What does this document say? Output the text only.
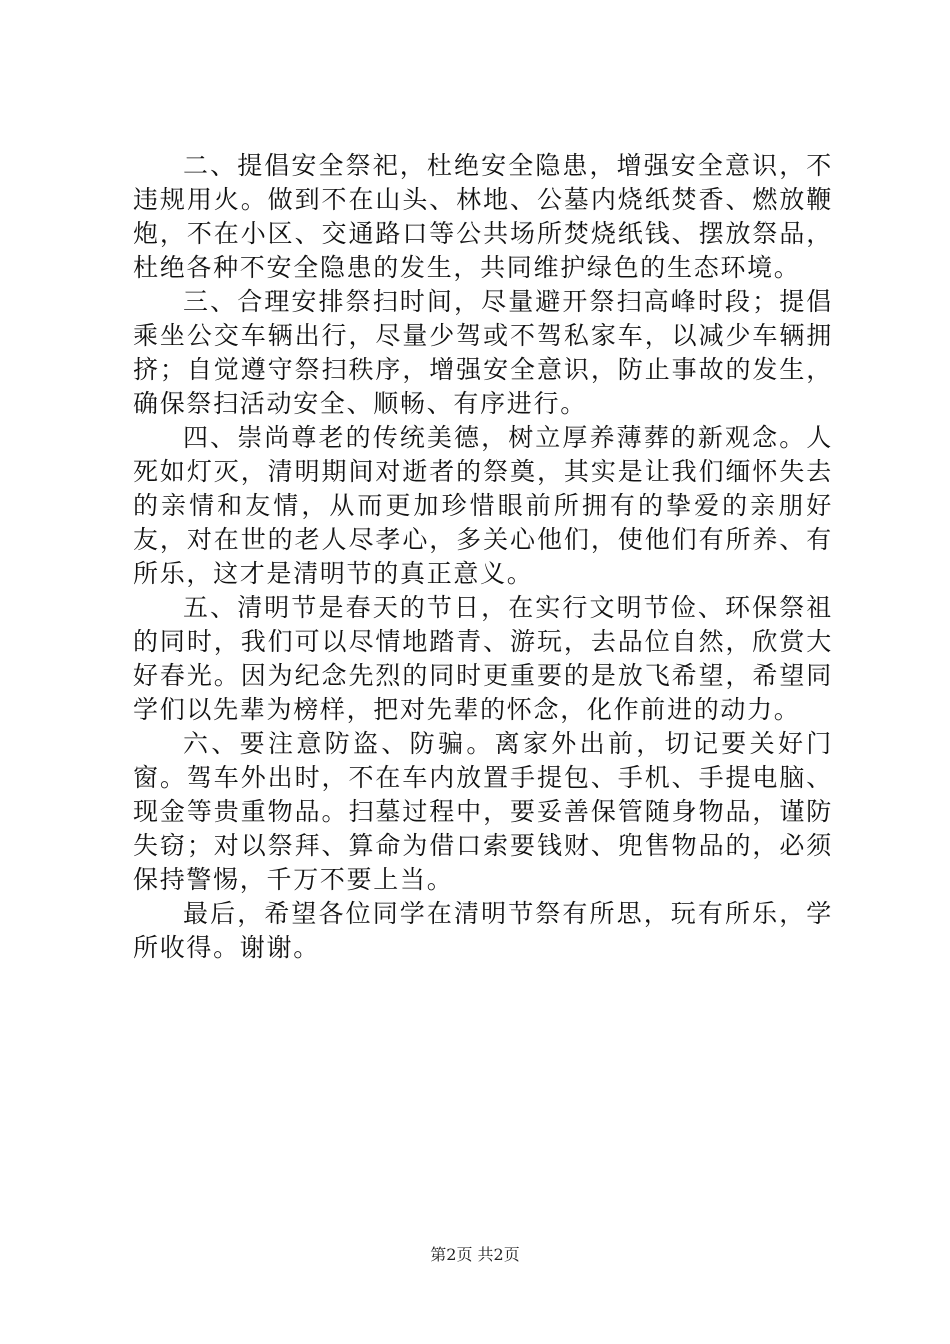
二、提倡安全祭祀，杜绝安全隐患，增强安全意识，不违规用火。做到不在山头、林地、公墓内烧纸焚香、燃放鞭炮，不在小区、交通路口等公共场所焚烧纸钱、摆放祭品，杜绝各种不安全隐患的发生，共同维护绿色的生态环境。

三、合理安排祭扫时间，尽量避开祭扫高峰时段；提倡乘坐公交车辆出行，尽量少驾或不驾私家车，以减少车辆拥挤；自觉遵守祭扫秩序，增强安全意识，防止事故的发生，确保祭扫活动安全、顺畅、有序进行。

四、崇尚尊老的传统美德，树立厚养薄葬的新观念。人死如灯灭，清明期间对逝者的祭奠，其实是让我们缅怀失去的亲情和友情，从而更加珍惜眼前所拥有的挚爱的亲朋好友，对在世的老人尽孝心，多关心他们，使他们有所养、有所乐，这才是清明节的真正意义。

五、清明节是春天的节日，在实行文明节俭、环保祭祖的同时，我们可以尽情地踏青、游玩，去品位自然，欣赏大好春光。因为纪念先烈的同时更重要的是放飞希望，希望同学们以先辈为榜样，把对先辈的怀念，化作前进的动力。

六、要注意防盗、防骗。离家外出前，切记要关好门窗。驾车外出时，不在车内放置手提包、手机、手提电脑、现金等贵重物品。扫墓过程中，要妥善保管随身物品，谨防失窃；对以祭拜、算命为借口索要钱财、兜售物品的，必须保持警惕，千万不要上当。

最后，希望各位同学在清明节祭有所思，玩有所乐，学所收得。谢谢。

第2页 共2页
